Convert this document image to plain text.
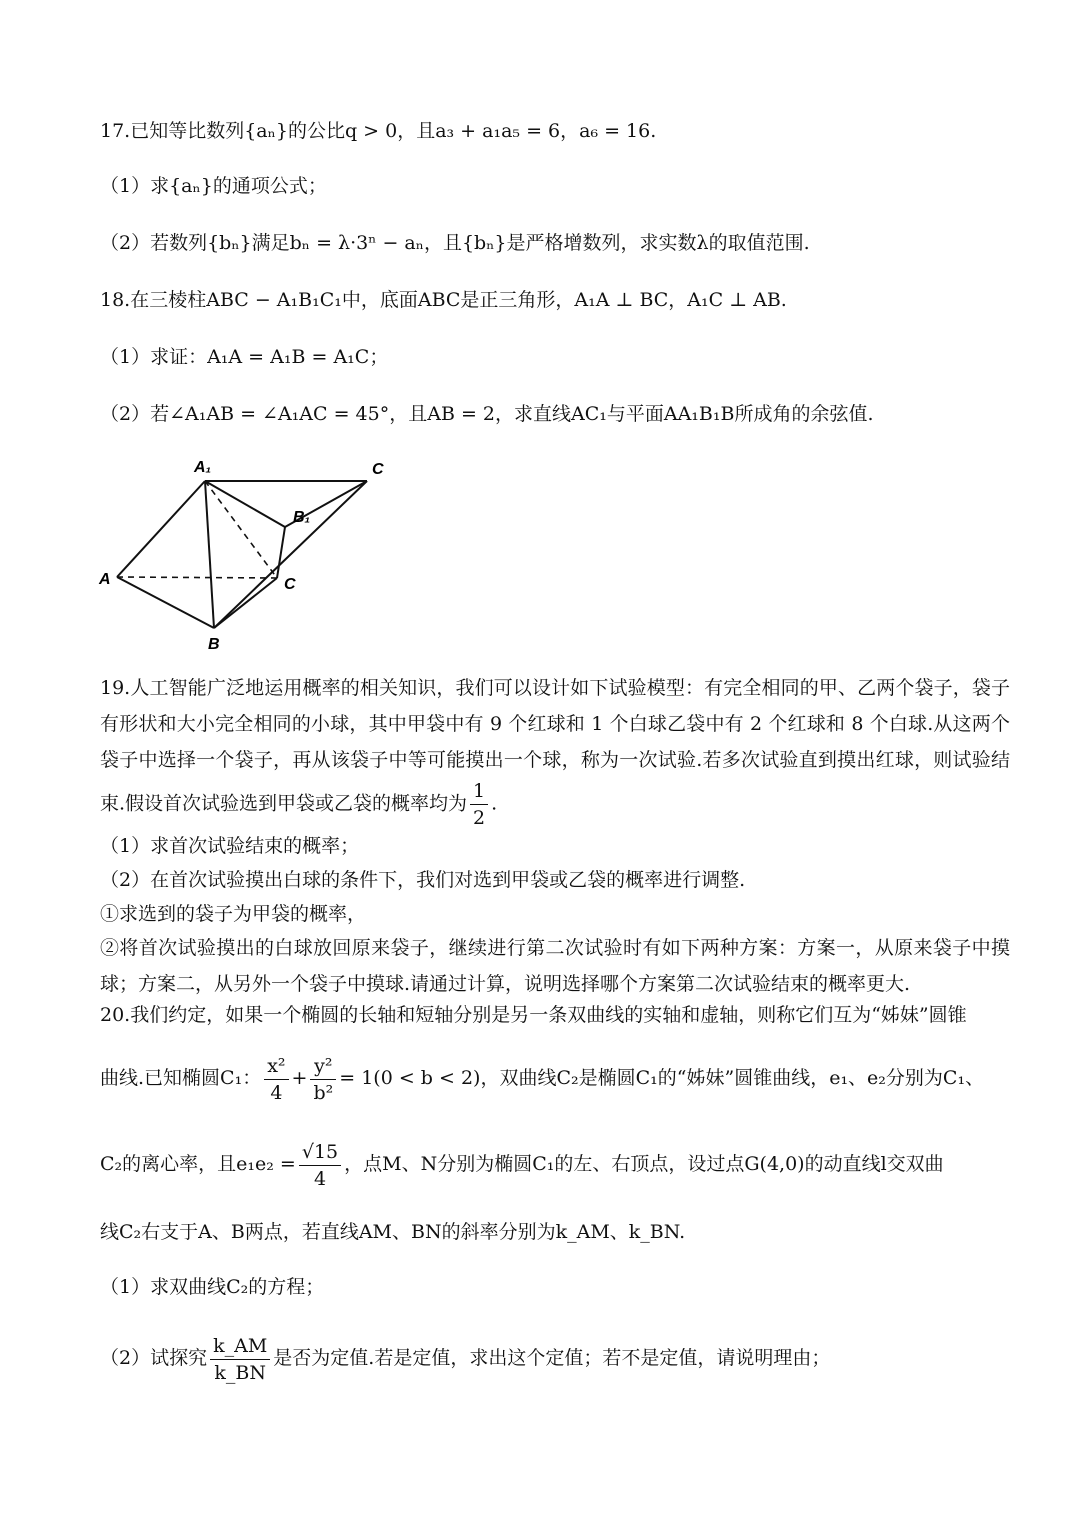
17.已知等比数列{aₙ}的公比q > 0，且a₃ + a₁a₅ = 6，a₆ = 16.
（1）求{aₙ}的通项公式；
（2）若数列{bₙ}满足bₙ = λ·3ⁿ − aₙ，且{bₙ}是严格增数列，求实数λ的取值范围.
18.在三棱柱ABC − A₁B₁C₁中，底面ABC是正三角形，A₁A ⊥ BC，A₁C ⊥ AB.
（1）求证：A₁A = A₁B = A₁C；
（2）若∠A₁AB = ∠A₁AC = 45°，且AB = 2，求直线AC₁与平面AA₁B₁B所成角的余弦值.
A₁	C
B₁
A	C
B
19.人工智能广泛地运用概率的相关知识，我们可以设计如下试验模型：有完全相同的甲、乙两个袋子，袋子有形状和大小完全相同的小球，其中甲袋中有 9 个红球和 1 个白球乙袋中有 2 个红球和 8 个白球.从这两个袋子中选择一个袋子，再从该袋子中等可能摸出一个球，称为一次试验.若多次试验直到摸出红球，则试验结束.假设首次试验选到甲袋或乙袋的概率均为 $\frac{1}{2}$ .
（1）求首次试验结束的概率；
（2）在首次试验摸出白球的条件下，我们对选到甲袋或乙袋的概率进行调整.
①求选到的袋子为甲袋的概率，
②将首次试验摸出的白球放回原来袋子，继续进行第二次试验时有如下两种方案：方案一，从原来袋子中摸球；方案二，从另外一个袋子中摸球.请通过计算，说明选择哪个方案第二次试验结束的概率更大.
20.我们约定，如果一个椭圆的长轴和短轴分别是另一条双曲线的实轴和虚轴，则称它们互为“姊妹”圆锥
曲线.已知椭圆C₁： $\frac{\text{x²}}{4} + \frac{\text{y²}}{\text{b²}} = 1(0 < b < 2)$，双曲线C₂是椭圆C₁的“姊妹”圆锥曲线，e₁、e₂分别为C₁、
C₂的离心率，且$e_1e_2 = \frac{√15}{4}$ ，点M、N分别为椭圆C₁的左、右顶点，设过点G(4,0)的动直线l交双曲
线C₂右支于A、B两点，若直线AM、BN的斜率分别为k_AM、k_BN.
（1）求双曲线C₂的方程；
（2）试探究 $\frac{k\_AM}{k\_BN}$ 是否为定值.若是定值，求出这个定值；若不是定值，请说明理由；
